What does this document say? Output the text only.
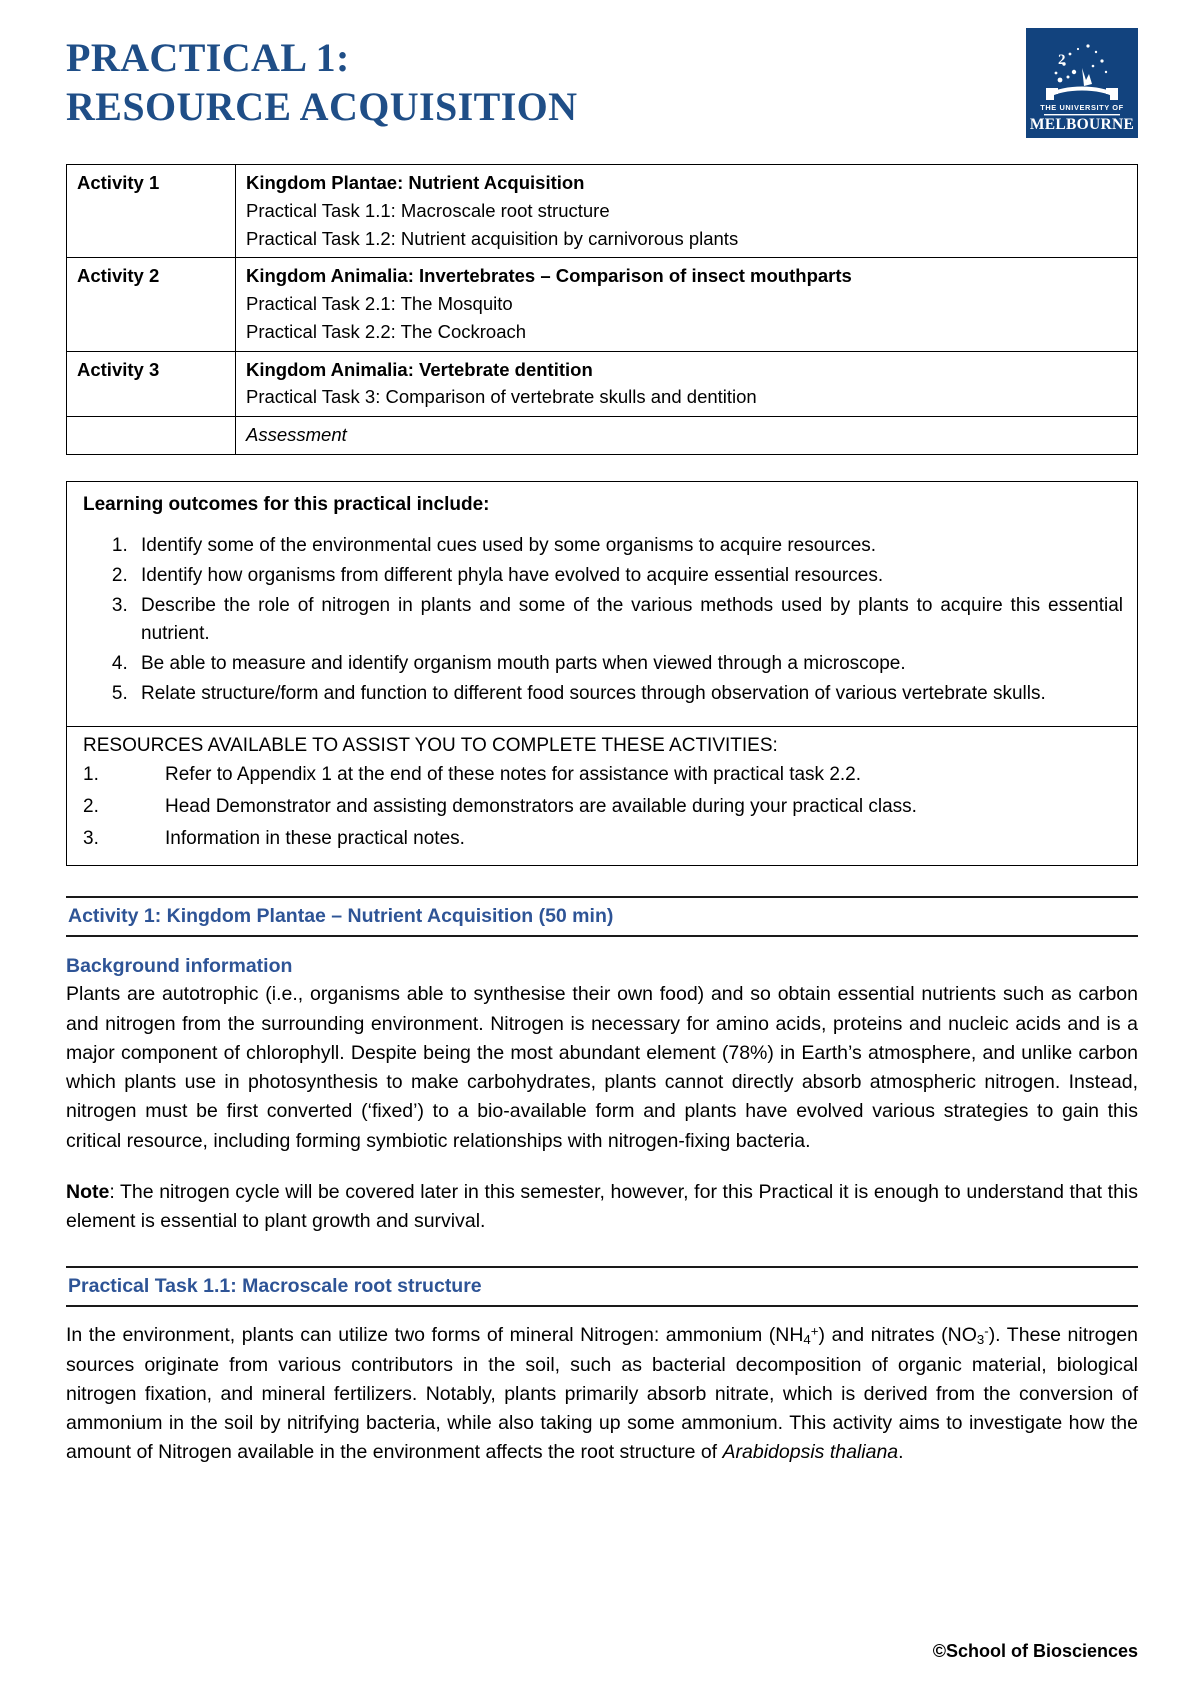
PRACTICAL 1:
RESOURCE ACQUISITION
2
THE UNIVERSITY OF
MELBOURNE
Activity 1	Kingdom Plantae: Nutrient Acquisition
Practical Task 1.1: Macroscale root structure
Practical Task 1.2: Nutrient acquisition by carnivorous plants

Activity 2	Kingdom Animalia: Invertebrates – Comparison of insect mouthparts
Practical Task 2.1: The Mosquito
Practical Task 2.2: The Cockroach

Activity 3	Kingdom Animalia: Vertebrate dentition
Practical Task 3: Comparison of vertebrate skulls and dentition

	Assessment
Learning outcomes for this practical include:
1. Identify some of the environmental cues used by some organisms to acquire resources.
2. Identify how organisms from different phyla have evolved to acquire essential resources.
3. Describe the role of nitrogen in plants and some of the various methods used by plants to acquire this essential nutrient.
4. Be able to measure and identify organism mouth parts when viewed through a microscope.
5. Relate structure/form and function to different food sources through observation of various vertebrate skulls.
RESOURCES AVAILABLE TO ASSIST YOU TO COMPLETE THESE ACTIVITIES:
1.	Refer to Appendix 1 at the end of these notes for assistance with practical task 2.2.
2.	Head Demonstrator and assisting demonstrators are available during your practical class.
3.	Information in these practical notes.
Activity 1: Kingdom Plantae – Nutrient Acquisition (50 min)
Background information

Plants are autotrophic (i.e., organisms able to synthesise their own food) and so obtain essential nutrients such as carbon and nitrogen from the surrounding environment. Nitrogen is necessary for amino acids, proteins and nucleic acids and is a major component of chlorophyll. Despite being the most abundant element (78%) in Earth’s atmosphere, and unlike carbon which plants use in photosynthesis to make carbohydrates, plants cannot directly absorb atmospheric nitrogen. Instead, nitrogen must be first converted (‘fixed’) to a bio-available form and plants have evolved various strategies to gain this critical resource, including forming symbiotic relationships with nitrogen-fixing bacteria.

Note: The nitrogen cycle will be covered later in this semester, however, for this Practical it is enough to understand that this element is essential to plant growth and survival.

Practical Task 1.1: Macroscale root structure

In the environment, plants can utilize two forms of mineral Nitrogen: ammonium $(NH_4^+)$ and nitrates $(NO_3^-)$. These nitrogen sources originate from various contributors in the soil, such as bacterial decomposition of organic material, biological nitrogen fixation, and mineral fertilizers. Notably, plants primarily absorb nitrate, which is derived from the conversion of ammonium in the soil by nitrifying bacteria, while also taking up some ammonium. This activity aims to investigate how the amount of Nitrogen available in the environment affects the root structure of Arabidopsis thaliana.

©School of Biosciences
